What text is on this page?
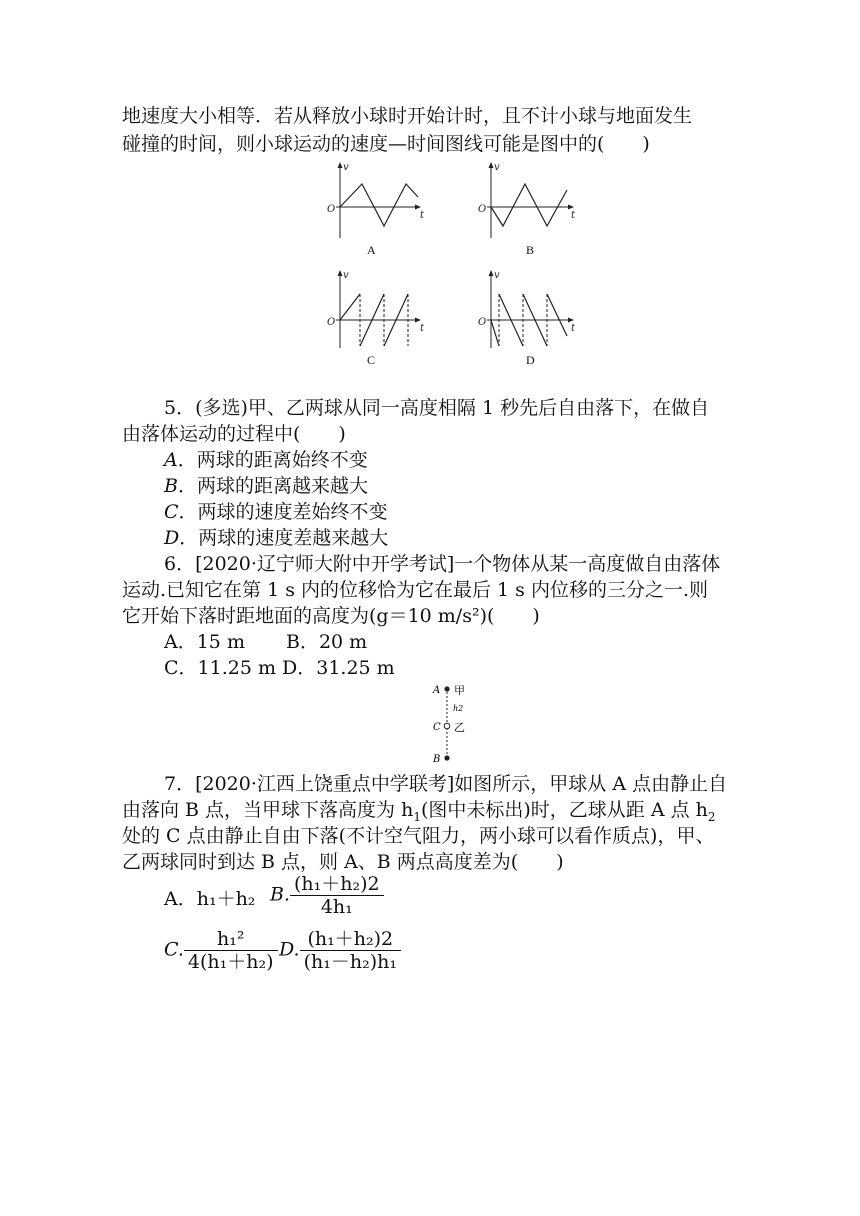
地速度大小相等．若从释放小球时开始计时，且不计小球与地面发生
碰撞的时间，则小球运动的速度—时间图线可能是图中的(　　)
v
t
O
A
v
t
O
B
v
t
O
C
v
t
O
D
5．(多选)甲、乙两球从同一高度相隔 1 秒先后自由落下，在做自
由落体运动的过程中(　　)
A．两球的距离始终不变
B．两球的距离越来越大
C．两球的速度差始终不变
D．两球的速度差越来越大
6．[2020·辽宁师大附中开学考试]一个物体从某一高度做自由落体
运动.已知它在第 1 s 内的位移恰为它在最后 1 s 内位移的三分之一.则
它开始下落时距地面的高度为(g＝10 m/s²)(　　)
A．15 m B．20 m
C．11.25 m D．31.25 m
A 甲
h2
C 乙
B
7．[2020·江西上饶重点中学联考]如图所示，甲球从 A 点由静止自
由落向 B 点，当甲球下落高度为 $h_1$(图中未标出)时，乙球从距 A 点 $h_2$
处的 C 点由静止自由下落(不计空气阻力，两小球可以看作质点)，甲、
乙两球同时到达 B 点，则 A、B 两点高度差为(　　)
A．h₁＋h₂ B. $\frac{\text{(h₁＋h₂)2}}{\text{4h₁}}$
C. $\frac{\text{h₁²}}{\text{4(h₁＋h₂)}} D$. $\frac{\text{(h₁＋h₂)2}}{\text{(h₁－h₂)h₁}}$
